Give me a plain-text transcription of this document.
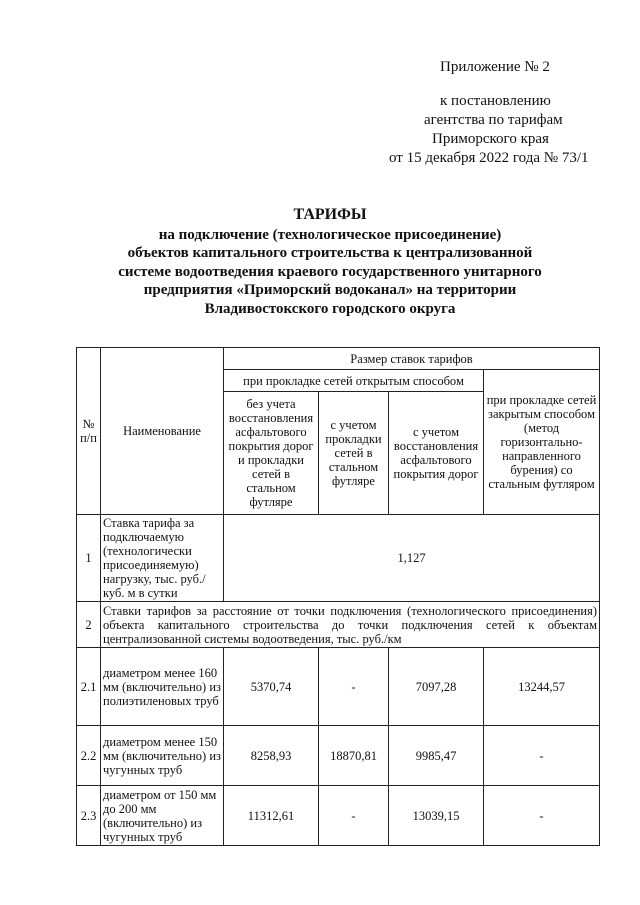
Приложение № 2
к постановлению
агентства по тарифам
Приморского края
от 15 декабря 2022 года № 73/1
ТАРИФЫ
на подключение (технологическое присоединение)
объектов капитального строительства к централизованной
системе водоотведения краевого государственного унитарного
предприятия «Приморский водоканал» на территории
Владивостокского городского округа
№ п/п	Наименование	Размер ставок тарифов			
		при прокладке сетей открытым способом			при прокладке сетей закрытым способом (метод горизонтально-направленного бурения) со стальным футляром
		без учета восстановления асфальтового покрытия дорог и прокладки сетей в стальном футляре	с учетом прокладки сетей в стальном футляре	с учетом восстановления асфальтового покрытия дорог	
1	Ставка тарифа за подключаемую (технологически присоединяемую) нагрузку, тыс. руб./куб. м в сутки	1,127			
2	Ставки тарифов за расстояние от точки подключения (технологического присоединения) объекта капитального строительства до точки подключения сетей к объектам централизованной системы водоотведения, тыс. руб./км				
2.1	диаметром менее 160 мм (включительно) из полиэтиленовых труб	5370,74	-	7097,28	13244,57
2.2	диаметром менее 150 мм (включительно) из чугунных труб	8258,93	18870,81	9985,47	-
2.3	диаметром от 150 мм до 200 мм (включительно) из чугунных труб	11312,61	-	13039,15	-
